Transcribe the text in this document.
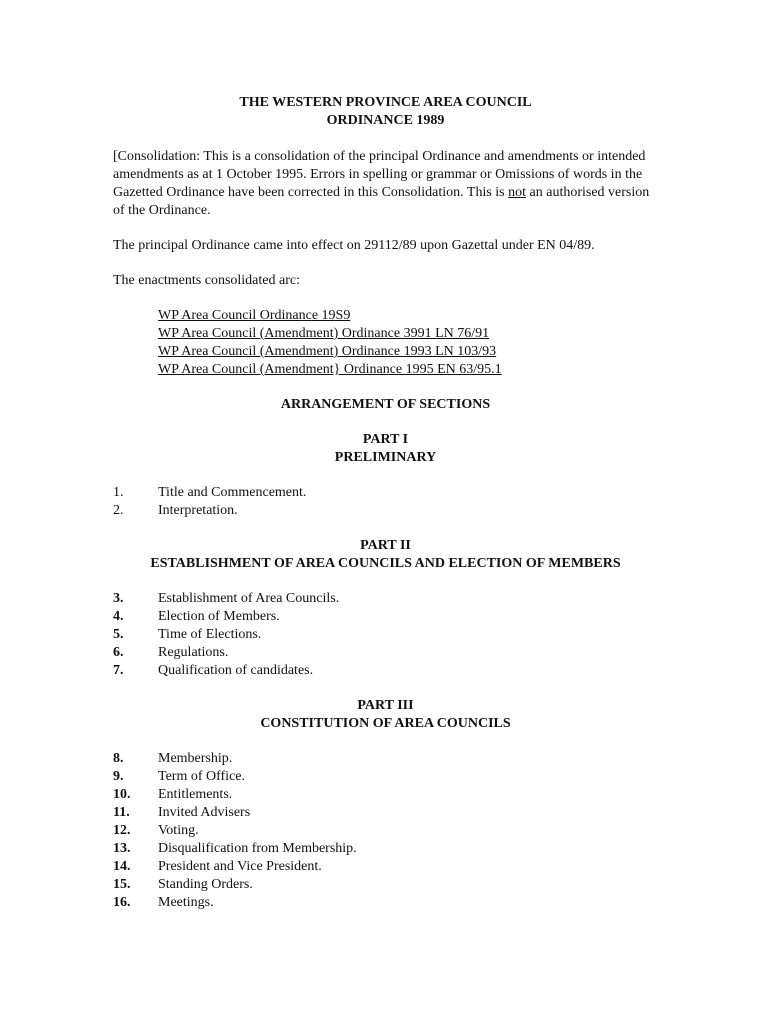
THE WESTERN PROVINCE AREA COUNCIL
ORDINANCE 1989

[Consolidation: This is a consolidation of the principal Ordinance and amendments or intended amendments as at 1 October 1995. Errors in spelling or grammar or Omissions of words in the Gazetted Ordinance have been corrected in this Consolidation. This is not an authorised version of the Ordinance.

The principal Ordinance came into effect on 29112/89 upon Gazettal under EN 04/89.

The enactments consolidated arc:

WP Area Council Ordinance 19S9
WP Area Council (Amendment) Ordinance 3991 LN 76/91
WP Area Council (Amendment) Ordinance 1993 LN 103/93
WP Area Council (Amendment} Ordinance 1995 EN 63/95.1
ARRANGEMENT OF SECTIONS
PART I
PRELIMINARY
1.	Title and Commencement.
2.	Interpretation.
PART II
ESTABLISHMENT OF AREA COUNCILS AND ELECTION OF MEMBERS
3.	Establishment of Area Councils.
4.	Election of Members.
5.	Time of Elections.
6.	Regulations.
7.	Qualification of candidates.
PART III
CONSTITUTION OF AREA COUNCILS
8.	Membership.
9.	Term of Office.
10.	Entitlements.
11.	Invited Advisers
12.	Voting.
13.	Disqualification from Membership.
14.	President and Vice President.
15.	Standing Orders.
16.	Meetings.
